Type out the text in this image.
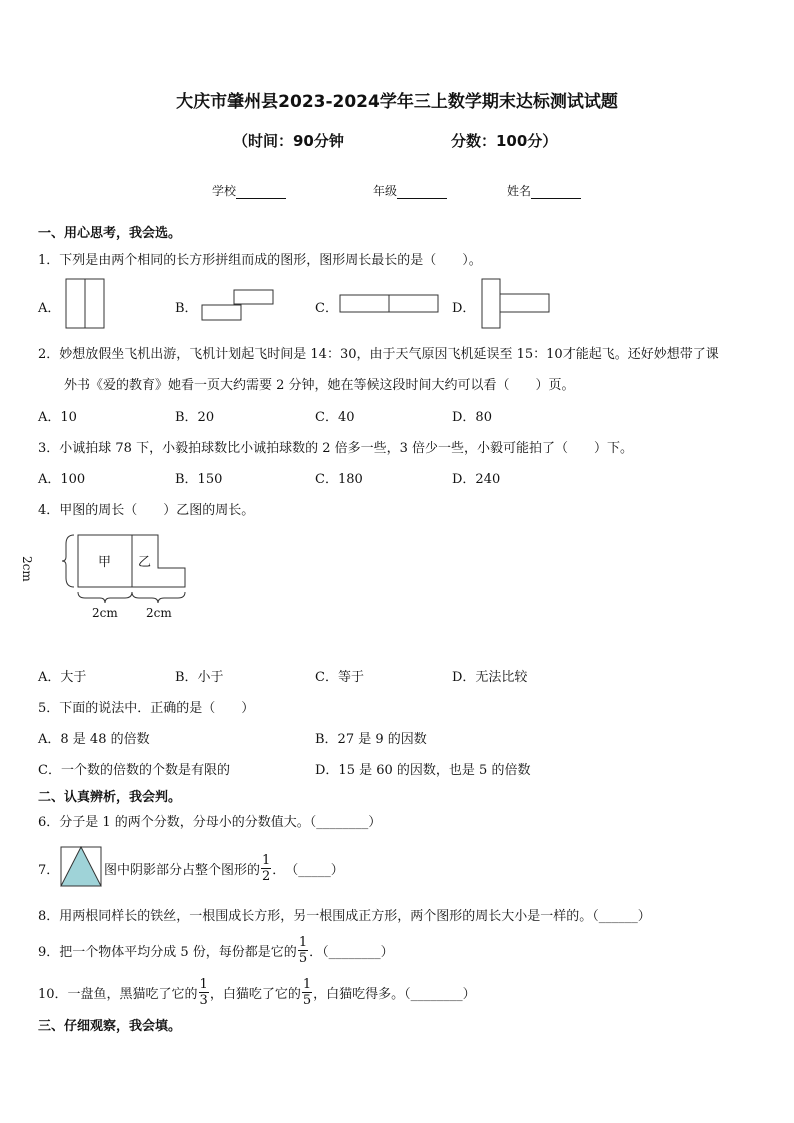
大庆市肇州县2023-2024学年三上数学期末达标测试试题
（时间：90分钟	分数：100分）
学校	年级	姓名
一、用心思考，我会选。
1．下列是由两个相同的长方形拼组而成的图形，图形周长最长的是（　　）。
A．	B．	C．	D．
2．妙想放假坐飞机出游，飞机计划起飞时间是 14：30，由于天气原因飞机延误至 15：10才能起飞。还好妙想带了课
外书《爱的教育》她看一页大约需要 2 分钟，她在等候这段时间大约可以看（　　）页。
A．10	B．20	C．40	D．80
3．小诚拍球 78 下，小毅拍球数比小诚拍球数的 2 倍多一些，3 倍少一些，小毅可能拍了（　　）下。
A．100	B．150	C．180	D．240
4．甲图的周长（　　）乙图的周长。
甲 乙
2cm
2cm 2cm
A．大于	B．小于	C．等于	D．无法比较
5．下面的说法中．正确的是（　　）
A．8 是 48 的倍数	B．27 是 9 的因数
C．一个数的倍数的个数是有限的	D．15 是 60 的因数，也是 5 的倍数
二、认真辨析，我会判。
6．分子是 1 的两个分数，分母小的分数值大。（________）
7．	图中阴影部分占整个图形的 $\frac{1}{2}$ ．　（_____）
8．用两根同样长的铁丝，一根围成长方形，另一根围成正方形，两个图形的周长大小是一样的。（______）
9．把一个物体平均分成 5 份，每份都是它的 $\frac{1}{5}$ ．（________）
10．一盘鱼，黑猫吃了它的 $\frac{1}{3}$ ，白猫吃了它的 $\frac{1}{5}$ ，白猫吃得多。（________）
三、仔细观察，我会填。
